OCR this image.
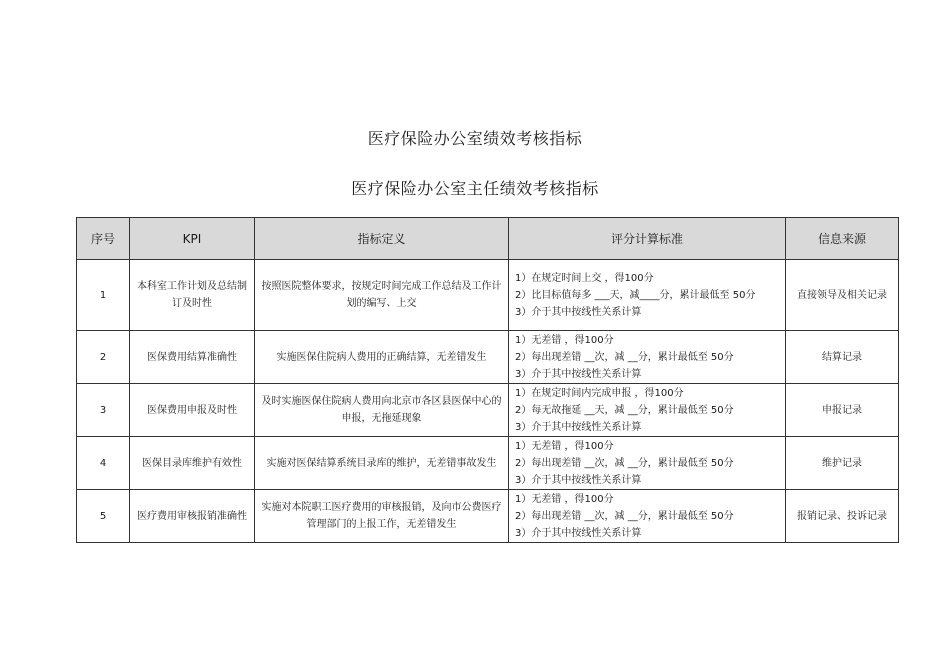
医疗保险办公室绩效考核指标
医疗保险办公室主任绩效考核指标
序号	KPI	指标定义	评分计算标准	信息来源
1	本科室工作计划及总结制订及时性	按照医院整体要求，按规定时间完成工作总结及工作计划的编写、上交	1）在规定时间上交 ，得100分
2）比目标值每多 ___天，减____分，累计最低至 50分
3）介于其中按线性关系计算	直接领导及相关记录
2	医保费用结算准确性	实施医保住院病人费用的正确结算，无差错发生	1）无差错 ，得100分
2）每出现差错 __次，减 __分，累计最低至 50分
3）介于其中按线性关系计算	结算记录
3	医保费用申报及时性	及时实施医保住院病人费用向北京市各区县医保中心的申报，无拖延现象	1）在规定时间内完成申报 ，得100分
2）每无故拖延 __天，减 __分，累计最低至 50分
3）介于其中按线性关系计算	申报记录
4	医保目录库维护有效性	实施对医保结算系统目录库的维护，无差错事故发生	1）无差错 ，得100分
2）每出现差错 __次，减 __分，累计最低至 50分
3）介于其中按线性关系计算	维护记录
5	医疗费用审核报销准确性	实施对本院职工医疗费用的审核报销，及向市公费医疗管理部门的上报工作，无差错发生	1）无差错 ，得100分
2）每出现差错 __次，减 __分，累计最低至 50分
3）介于其中按线性关系计算	报销记录、投诉记录
